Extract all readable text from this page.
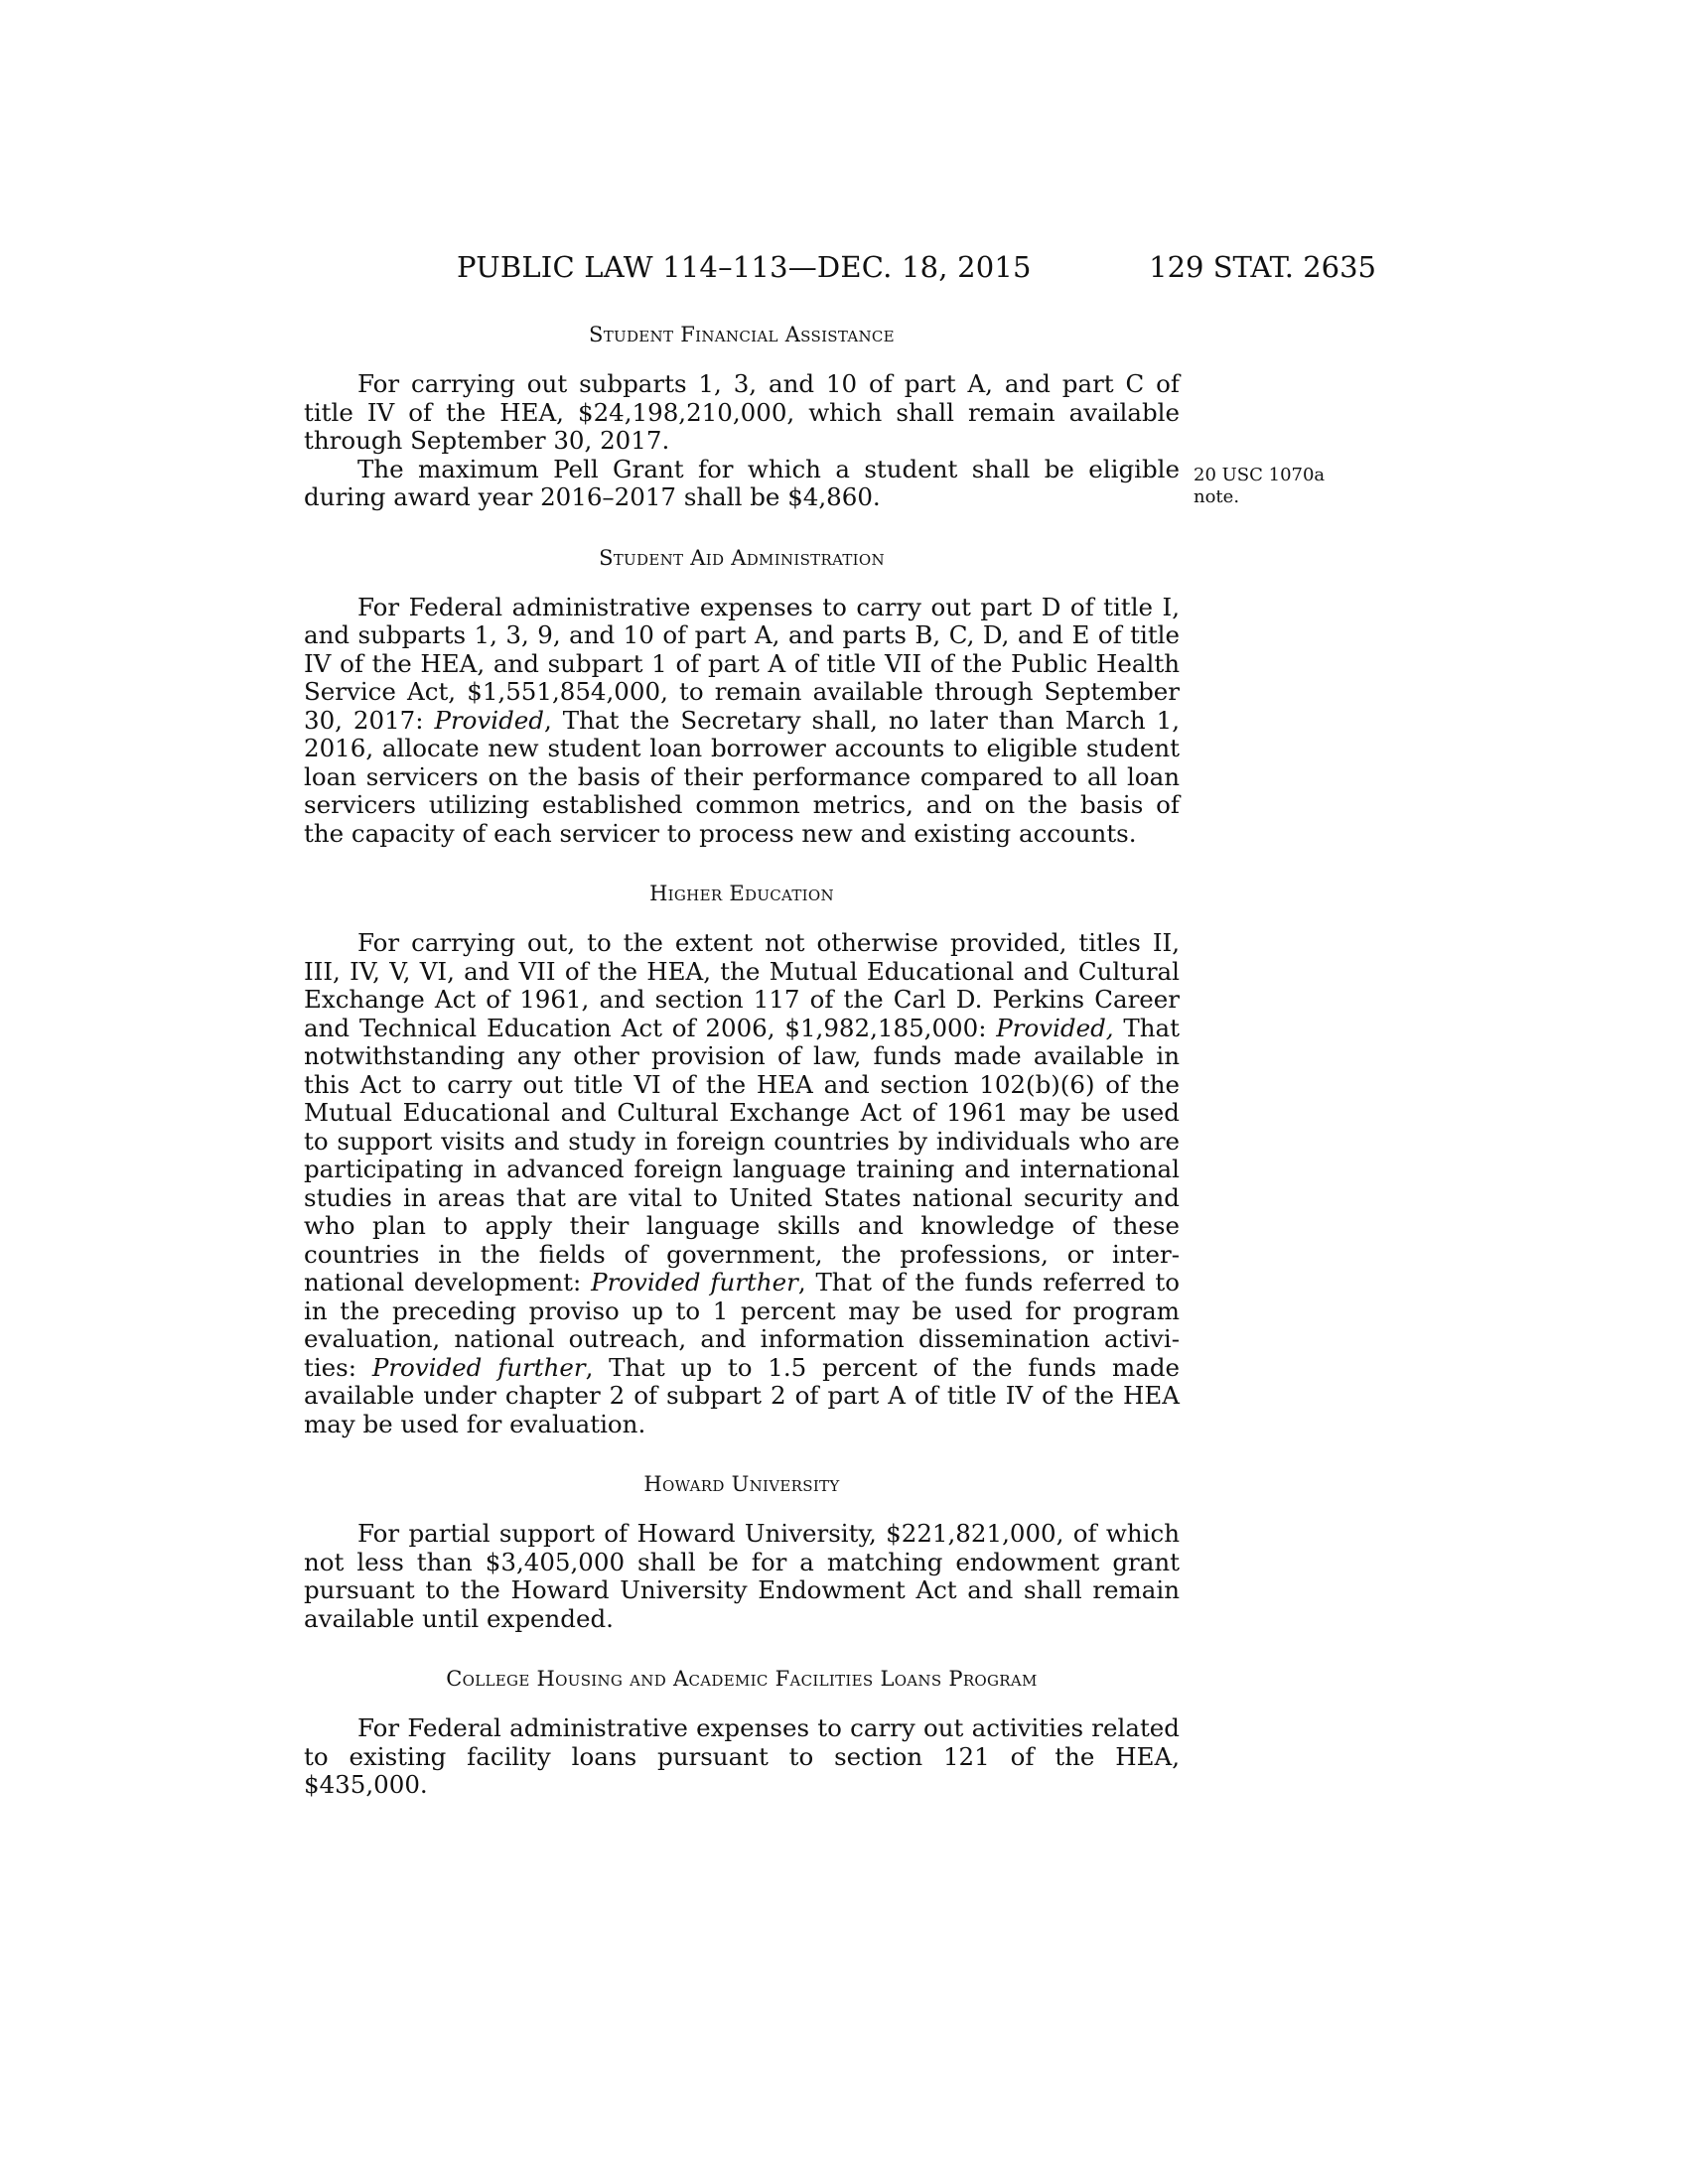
PUBLIC LAW 114–113—DEC. 18, 2015	129 STAT. 2635
20 USC 1070a
note.

Student Financial Assistance

For carrying out subparts 1, 3, and 10 of part A, and part C of title IV of the HEA, $24,198,210,000, which shall remain available through September 30, 2017.

The maximum Pell Grant for which a student shall be eligible during award year 2016–2017 shall be $4,860.

Student Aid Administration

For Federal administrative expenses to carry out part D of title I, and subparts 1, 3, 9, and 10 of part A, and parts B, C, D, and E of title IV of the HEA, and subpart 1 of part A of title VII of the Public Health Service Act, $1,551,854,000, to remain available through September 30, 2017: Provided, That the Secretary shall, no later than March 1, 2016, allocate new student loan borrower accounts to eligible student loan servicers on the basis of their performance compared to all loan servicers utilizing established common metrics, and on the basis of the capacity of each servicer to process new and existing accounts.

Higher Education

For carrying out, to the extent not otherwise provided, titles II, III, IV, V, VI, and VII of the HEA, the Mutual Educational and Cultural Exchange Act of 1961, and section 117 of the Carl D. Perkins Career and Technical Education Act of 2006, $1,982,185,000: Provided, That notwithstanding any other provision of law, funds made available in this Act to carry out title VI of the HEA and section 102(b)(6) of the Mutual Educational and Cultural Exchange Act of 1961 may be used to support visits and study in foreign countries by individuals who are participating in advanced foreign language training and international studies in areas that are vital to United States national security and who plan to apply their language skills and knowledge of these countries in the fields of government, the professions, or inter-national development: Provided further, That of the funds referred to in the preceding proviso up to 1 percent may be used for program evaluation, national outreach, and information dissemination activi-ties: Provided further, That up to 1.5 percent of the funds made available under chapter 2 of subpart 2 of part A of title IV of the HEA may be used for evaluation.

Howard University

For partial support of Howard University, $221,821,000, of which not less than $3,405,000 shall be for a matching endowment grant pursuant to the Howard University Endowment Act and shall remain available until expended.

College Housing and Academic Facilities Loans Program

For Federal administrative expenses to carry out activities related to existing facility loans pursuant to section 121 of the HEA, $435,000.
